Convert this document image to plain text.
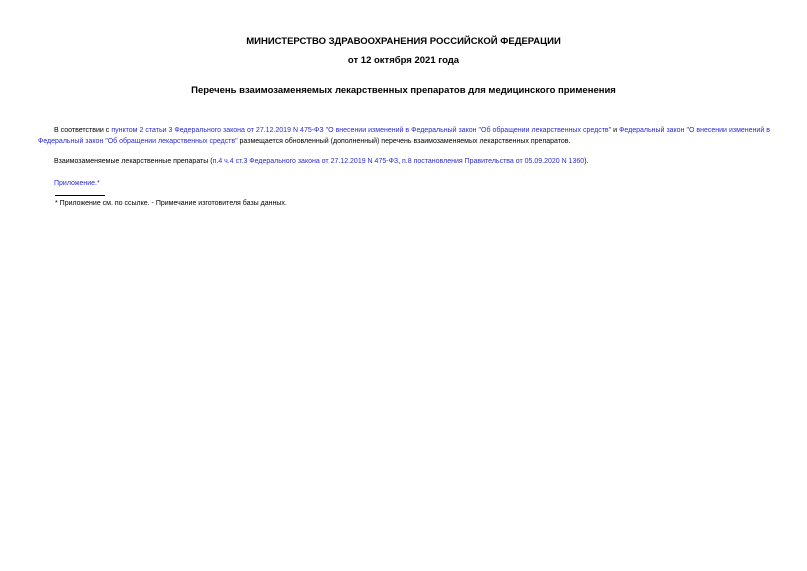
МИНИСТЕРСТВО ЗДРАВООХРАНЕНИЯ РОССИЙСКОЙ ФЕДЕРАЦИИ
от 12 октября 2021 года
Перечень взаимозаменяемых лекарственных препаратов для медицинского применения
В соответствии с пунктом 2 статьи 3 Федерального закона от 27.12.2019 N 475-ФЗ "О внесении изменений в Федеральный закон "Об обращении лекарственных средств" и Федеральный закон "О внесении изменений в Федеральный закон "Об обращении лекарственных средств" размещается обновленный (дополненный) перечень взаимозаменяемых лекарственных препаратов.
Взаимозаменяемые лекарственные препараты (п.4 ч.4 ст.3 Федерального закона от 27.12.2019 N 475-ФЗ, п.8 постановления Правительства от 05.09.2020 N 1360).
Приложение.*
* Приложение см. по ссылке. - Примечание изготовителя базы данных.
